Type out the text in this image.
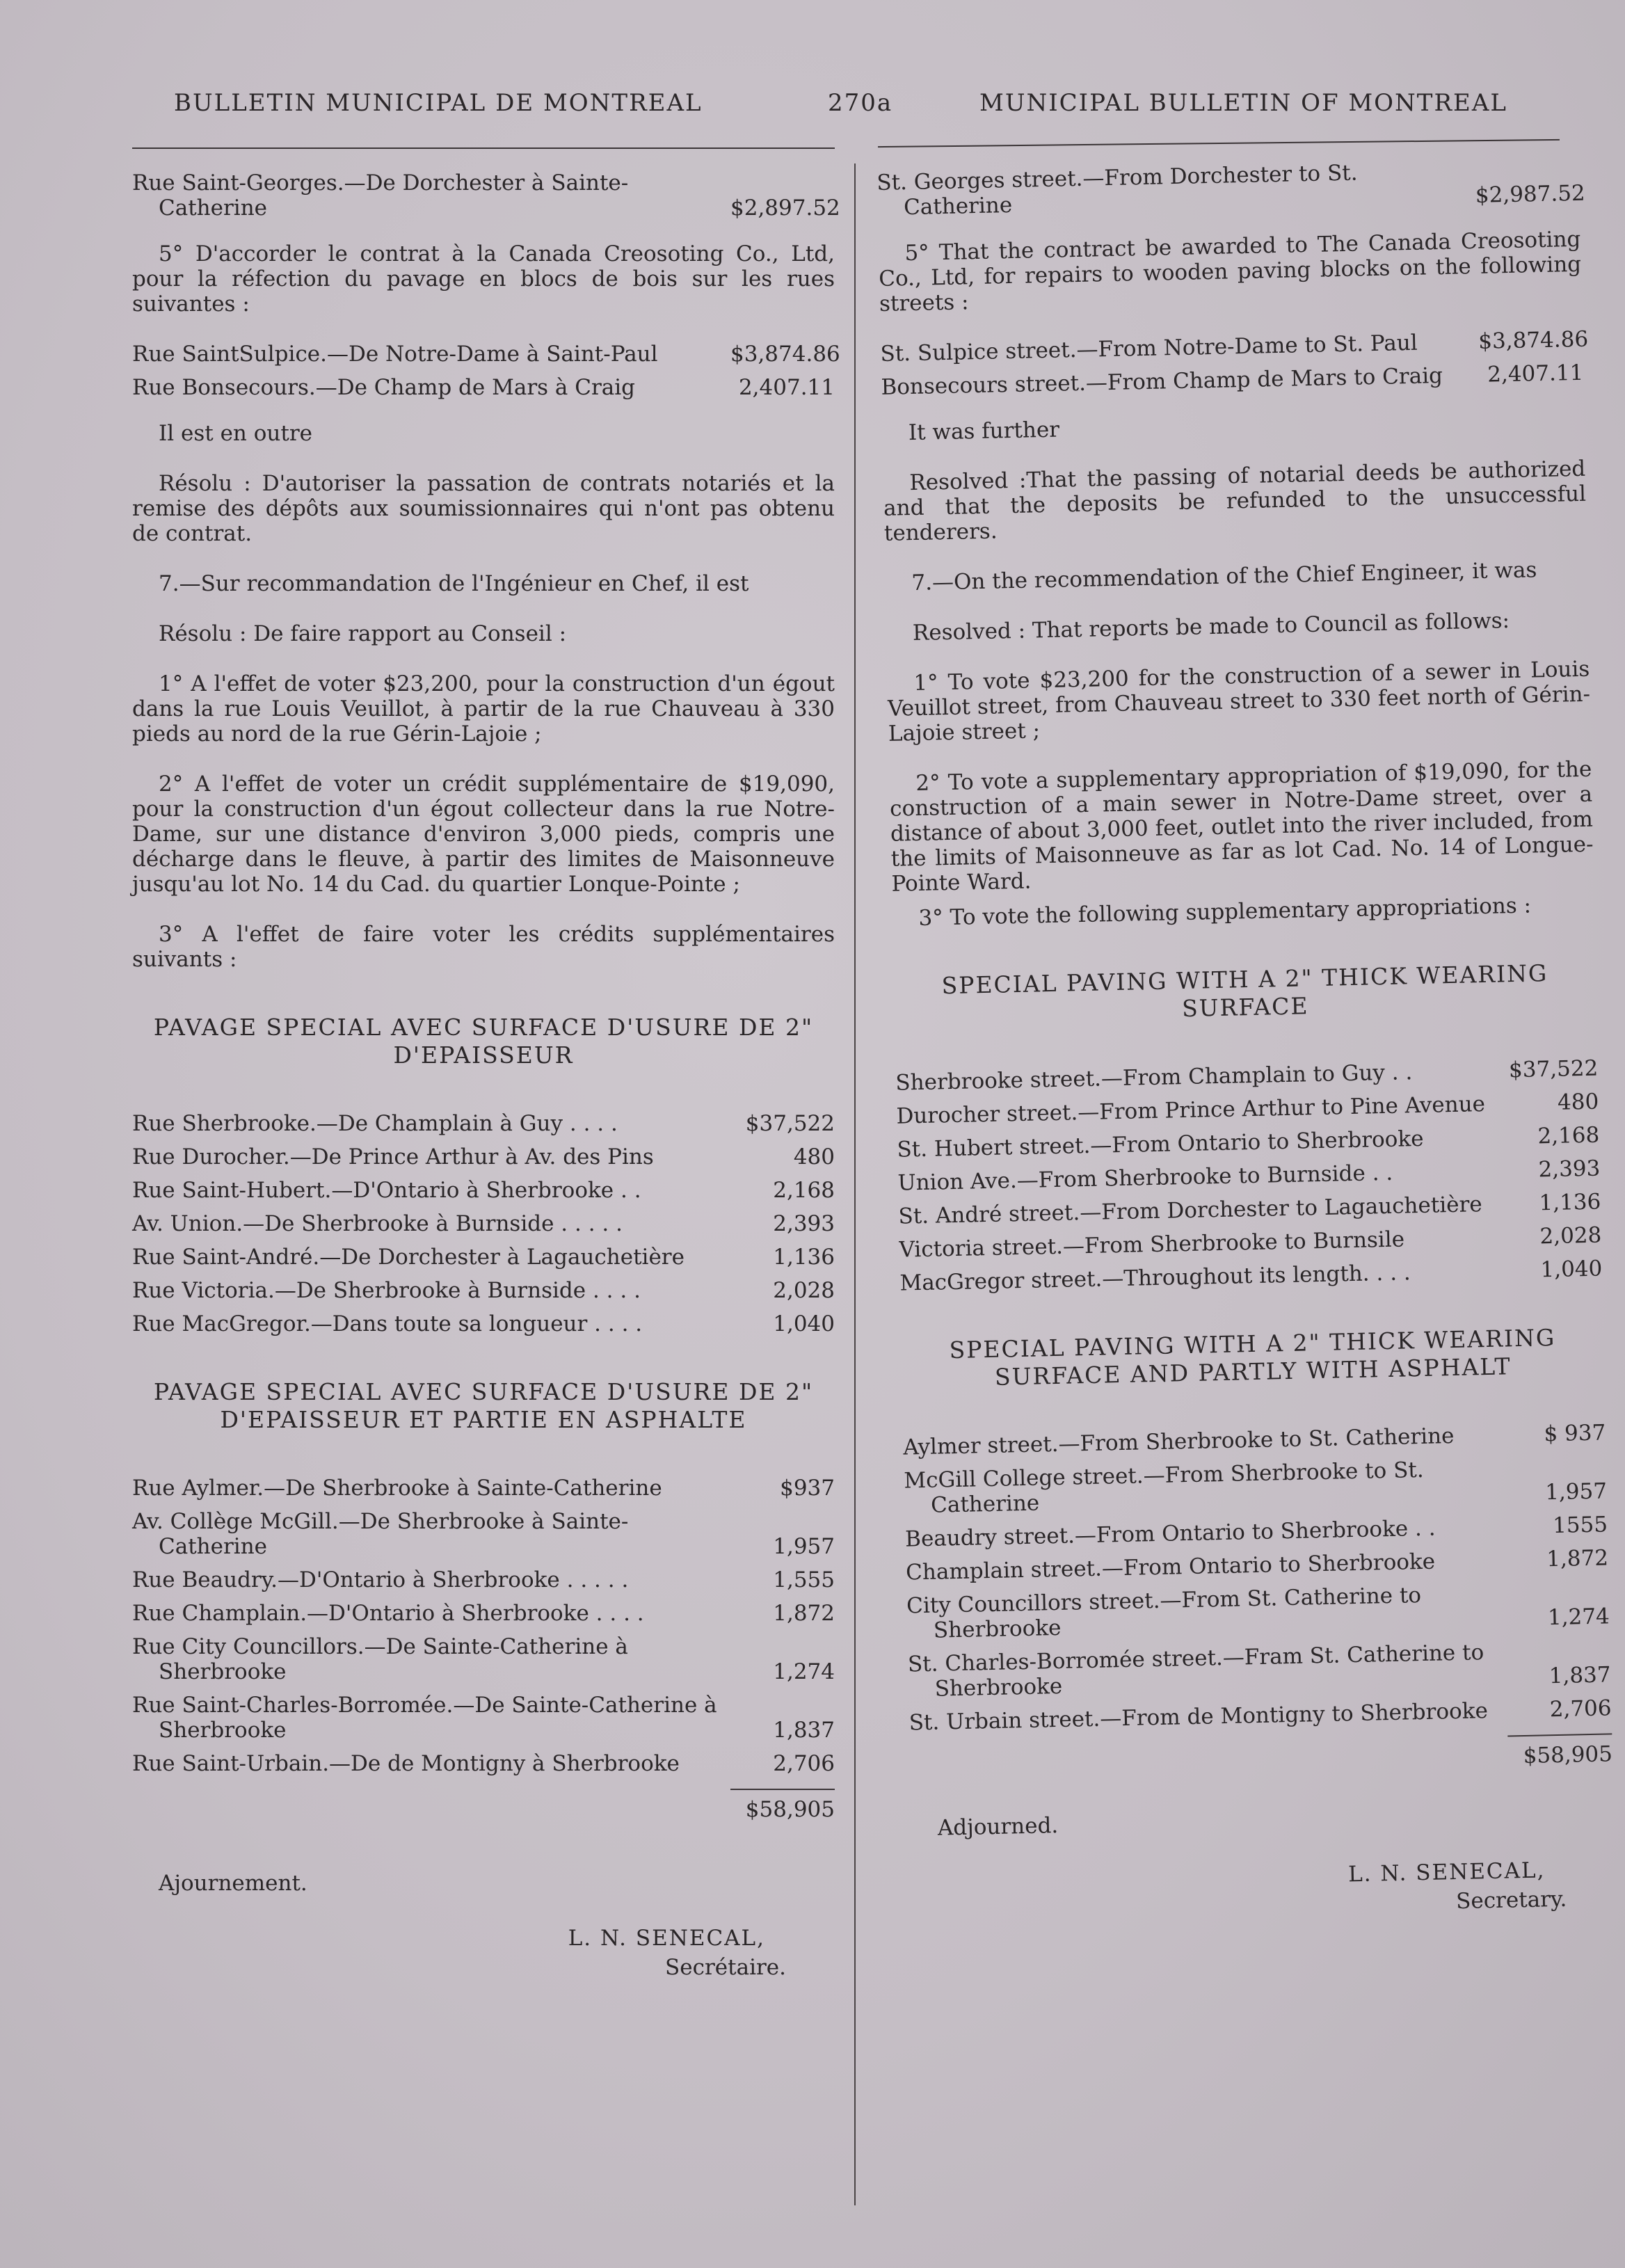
BULLETIN MUNICIPAL DE MONTREAL	270a	MUNICIPAL BULLETIN OF MONTREAL
Rue Saint-Georges.—De Dorchester à Sainte-Catherine	$2,897.52

5° D'accorder le contrat à la Canada Creosoting Co., Ltd, pour la réfection du pavage en blocs de bois sur les rues suivantes :

Rue SaintSulpice.—De Notre-Dame à Saint-Paul	$3,874.86
Rue Bonsecours.—De Champ de Mars à Craig	2,407.11

Il est en outre

Résolu : D'autoriser la passation de contrats notariés et la remise des dépôts aux soumissionnaires qui n'ont pas obtenu de contrat.

7.—Sur recommandation de l'Ingénieur en Chef, il est

Résolu : De faire rapport au Conseil :

1° A l'effet de voter $23,200, pour la construction d'un égout dans la rue Louis Veuillot, à partir de la rue Chauveau à 330 pieds au nord de la rue Gérin-Lajoie ;

2° A l'effet de voter un crédit supplémentaire de $19,090, pour la construction d'un égout collecteur dans la rue Notre-Dame, sur une distance d'environ 3,000 pieds, compris une décharge dans le fleuve, à partir des limites de Maisonneuve jusqu'au lot No. 14 du Cad. du quartier Lonque-Pointe ;

3° A l'effet de faire voter les crédits supplémentaires suivants :

PAVAGE SPECIAL AVEC SURFACE D'USURE DE 2" D'EPAISSEUR
Rue Sherbrooke.—De Champlain à Guy . . . .	$37,522
Rue Durocher.—De Prince Arthur à Av. des Pins	480
Rue Saint-Hubert.—D'Ontario à Sherbrooke . .	2,168
Av. Union.—De Sherbrooke à Burnside . . . . .	2,393
Rue Saint-André.—De Dorchester à Lagauchetière	1,136
Rue Victoria.—De Sherbrooke à Burnside . . . .	2,028
Rue MacGregor.—Dans toute sa longueur . . . .	1,040
PAVAGE SPECIAL AVEC SURFACE D'USURE DE 2" D'EPAISSEUR ET PARTIE EN ASPHALTE
Rue Aylmer.—De Sherbrooke à Sainte-Catherine	$937
Av. Collège McGill.—De Sherbrooke à Sainte-Catherine	1,957
Rue Beaudry.—D'Ontario à Sherbrooke . . . . .	1,555
Rue Champlain.—D'Ontario à Sherbrooke . . . .	1,872
Rue City Councillors.—De Sainte-Catherine à Sherbrooke	1,274
Rue Saint-Charles-Borromée.—De Sainte-Catherine à Sherbrooke	1,837
Rue Saint-Urbain.—De de Montigny à Sherbrooke	2,706
$58,905
Ajournement.
L. N. SENECAL,
Secrétaire.
St. Georges street.—From Dorchester to St. Catherine	$2,987.52

5° That the contract be awarded to The Canada Creosoting Co., Ltd, for repairs to wooden paving blocks on the following streets :

St. Sulpice street.—From Notre-Dame to St. Paul	$3,874.86
Bonsecours street.—From Champ de Mars to Craig	2,407.11

It was further

Resolved :That the passing of notarial deeds be authorized and that the deposits be refunded to the unsuccessful tenderers.

7.—On the recommendation of the Chief Engineer, it was

Resolved : That reports be made to Council as follows:

1° To vote $23,200 for the construction of a sewer in Louis Veuillot street, from Chauveau street to 330 feet north of Gérin-Lajoie street ;

2° To vote a supplementary appropriation of $19,090, for the construction of a main sewer in Notre-Dame street, over a distance of about 3,000 feet, outlet into the river included, from the limits of Maisonneuve as far as lot Cad. No. 14 of Longue-Pointe Ward.

3° To vote the following supplementary appropriations :

SPECIAL PAVING WITH A 2" THICK WEARING SURFACE
Sherbrooke street.—From Champlain to Guy . .	$37,522
Durocher street.—From Prince Arthur to Pine Avenue	480
St. Hubert street.—From Ontario to Sherbrooke	2,168
Union Ave.—From Sherbrooke to Burnside . .	2,393
St. André street.—From Dorchester to Lagauchetière	1,136
Victoria street.—From Sherbrooke to Burnsile	2,028
MacGregor street.—Throughout its length. . . .	1,040
SPECIAL PAVING WITH A 2" THICK WEARING SURFACE AND PARTLY WITH ASPHALT
Aylmer street.—From Sherbrooke to St. Catherine	$ 937
McGill College street.—From Sherbrooke to St. Catherine	1,957
Beaudry street.—From Ontario to Sherbrooke . .	1555
Champlain street.—From Ontario to Sherbrooke	1,872
City Councillors street.—From St. Catherine to Sherbrooke	1,274
St. Charles-Borromée street.—Fram St. Catherine to Sherbrooke	1,837
St. Urbain street.—From de Montigny to Sherbrooke	2,706
$58,905
Adjourned.
L. N. SENECAL,
Secretary.
